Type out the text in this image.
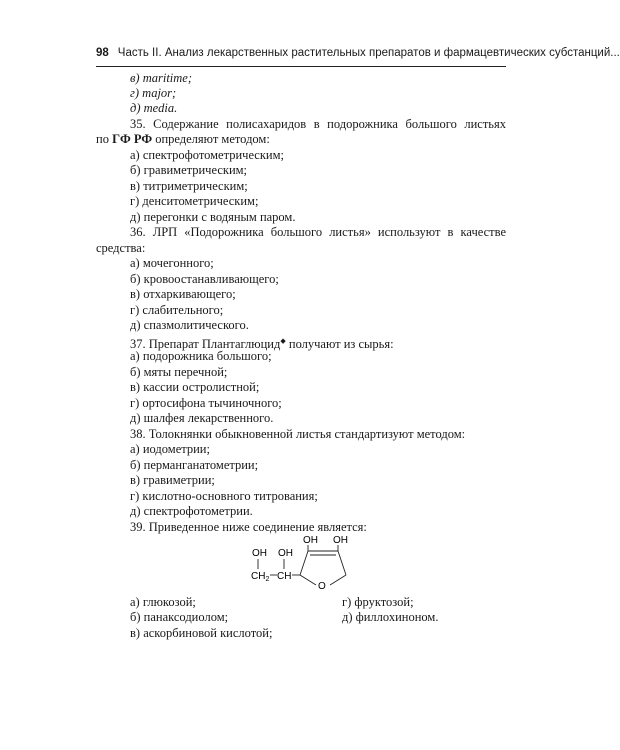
98 Часть II. Анализ лекарственных растительных препаратов и фармацевтических субстанций...
в) maritime;
г) major;
д) media.
35. Содержание полисахаридов в подорожника большого листьях
по ГФ РФ определяют методом:
а) спектрофотометрическим;
б) гравиметрическим;
в) титриметрическим;
г) денситометрическим;
д) перегонки с водяным паром.
36. ЛРП «Подорожника большого листья» используют в качестве
средства:
а) мочегонного;
б) кровоостанавливающего;
в) отхаркивающего;
г) слабительного;
д) спазмолитического.
37. Препарат Плантаглюцид◆ получают из сырья:
а) подорожника большого;
б) мяты перечной;
в) кассии остролистной;
г) ортосифона тычиночного;
д) шалфея лекарственного.
38. Толокнянки обыкновенной листья стандартизуют методом:
а) иодометрии;
б) перманганатометрии;
в) гравиметрии;
г) кислотно-основного титрования;
д) спектрофотометрии.
39. Приведенное ниже соединение является:
OH OH
OH OH
$CH_2$ CH
O
а) глюкозой;
б) панаксодиолом;
в) аскорбиновой кислотой;
г) фруктозой;
д) филлохиноном.
